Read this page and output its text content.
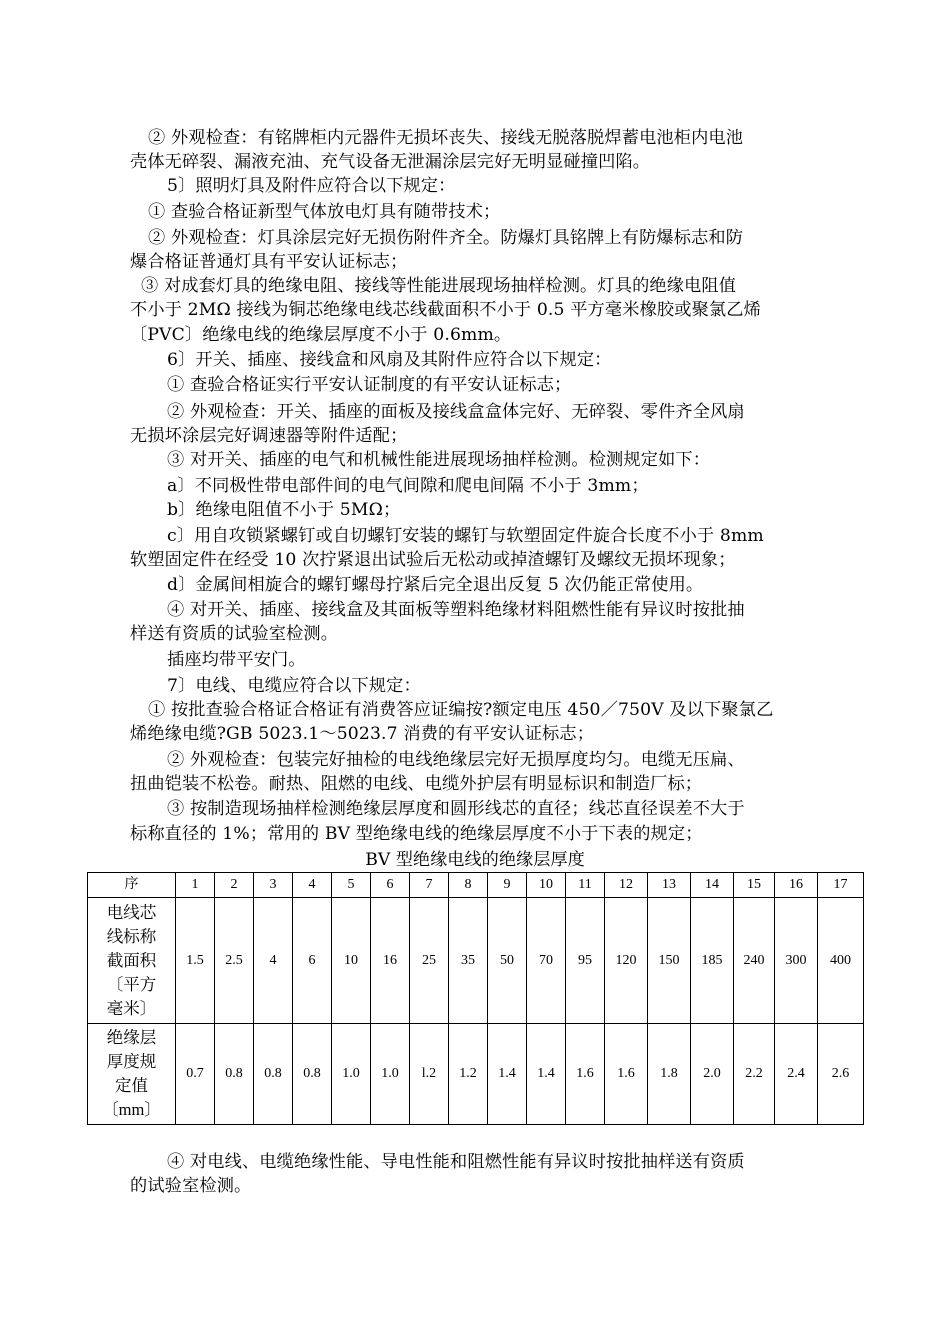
② 外观检查：有铭牌柜内元器件无损坏丧失、接线无脱落脱焊蓄电池柜内电池
壳体无碎裂、漏液充油、充气设备无泄漏涂层完好无明显碰撞凹陷。
5〕照明灯具及附件应符合以下规定：
① 查验合格证新型气体放电灯具有随带技术；
② 外观检查：灯具涂层完好无损伤附件齐全。防爆灯具铭牌上有防爆标志和防
爆合格证普通灯具有平安认证标志；
③ 对成套灯具的绝缘电阻、接线等性能进展现场抽样检测。灯具的绝缘电阻值
不小于 2MΩ 接线为铜芯绝缘电线芯线截面积不小于 0.5 平方毫米橡胶或聚氯乙烯
〔PVC〕绝缘电线的绝缘层厚度不小于 0.6mm。
6〕开关、插座、接线盒和风扇及其附件应符合以下规定：
① 查验合格证实行平安认证制度的有平安认证标志；
② 外观检查：开关、插座的面板及接线盒盒体完好、无碎裂、零件齐全风扇
无损坏涂层完好调速器等附件适配；
③ 对开关、插座的电气和机械性能进展现场抽样检测。检测规定如下：
a〕不同极性带电部件间的电气间隙和爬电间隔 不小于 3mm；
b〕绝缘电阻值不小于 5MΩ；
c〕用自攻锁紧螺钉或自切螺钉安装的螺钉与软塑固定件旋合长度不小于 8mm
软塑固定件在经受 10 次拧紧退出试验后无松动或掉渣螺钉及螺纹无损坏现象；
d〕金属间相旋合的螺钉螺母拧紧后完全退出反复 5 次仍能正常使用。
④ 对开关、插座、接线盒及其面板等塑料绝缘材料阻燃性能有异议时按批抽
样送有资质的试验室检测。
插座均带平安门。
7〕电线、电缆应符合以下规定：
① 按批查验合格证合格证有消费答应证编按?额定电压 450／750V 及以下聚氯乙
烯绝缘电缆?GB 5023.1～5023.7 消费的有平安认证标志；
② 外观检查：包装完好抽检的电线绝缘层完好无损厚度均匀。电缆无压扁、
扭曲铠装不松卷。耐热、阻燃的电线、电缆外护层有明显标识和制造厂标；
③ 按制造现场抽样检测绝缘层厚度和圆形线芯的直径；线芯直径误差不大于
标称直径的 1%；常用的 BV 型绝缘电线的绝缘层厚度不小于下表的规定；
BV 型绝缘电线的绝缘层厚度
序	1	2	3	4	5	6	7	8	9	10	11	12	13	14	15	16	17
电线芯
线标称
截面积
〔平方
毫米〕	1.5	2.5	4	6	10	16	25	35	50	70	95	120	150	185	240	300	400
绝缘层
厚度规
定值
〔mm〕	0.7	0.8	0.8	0.8	1.0	1.0	l.2	1.2	1.4	1.4	1.6	1.6	1.8	2.0	2.2	2.4	2.6
④ 对电线、电缆绝缘性能、导电性能和阻燃性能有异议时按批抽样送有资质
的试验室检测。
